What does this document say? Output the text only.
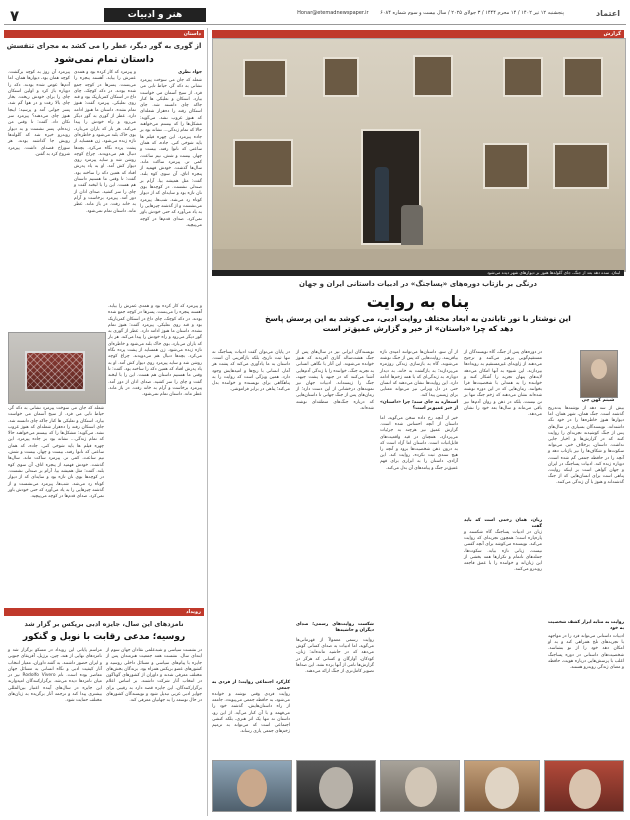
۷	هنر و ادبیات	پنجشنبه ۱۲ تیر ۱۴۰۲ / ۱۴ محرم ۱۴۴۴ / ۳ جولای ۲۰۲۵ / سال بیست و سوم شماره ۶۰۸۴ Honar@etemadnewspaper.ir	اعتماد
داستان
از گوری به گور دیگر، عطر را می کشد به مجرای تنفسش
داستان تمام نمی‌شود
جواد نظری
شعله که جان می سوخت پیرمرد نشانی به دکه گر، حیاط تابی می فرد. از سیخ آسمان می خواست بیارد. استکان و نعلبکی ها کنار جاکه چای دانسته شد. جای استکان رفته را ده‌هزار شعله‌ای که هنوز غروب نشد. می‌گوید: مشکل‌ها را که بیستم می‌خواهند حالا که تمام زندگی... نشانه بود بر جاده پیرمرد. این چهره فیلم ها باید شوخی کنی. جاده، که همان ساعتی که نانوا رفته، بیست و چهار، بیست و شش، نیم ساعت، کمی تر. پیرمرد ساکت ماند. سال‌ها گذشت. خودش فهمید از پنجره اتاق، آن سوی کوه بلند. گفت: مثل همیشه بیا. آرام بر صندلی نشست. در کوچه‌ها بوی نان تازه بود و سایه‌ای که از دیوار کوتاه رد می‌شد. شب‌ها، پیرمرد می‌نشست و از گذشته چیزهایی را به یاد می‌آورد که حتی خودش باور نمی‌کرد. صدای قدم‌ها در کوچه می‌پیچید.
و پیرمرد که کار کرده بود و همه‌ی عمرش را بیابد. آهسته پنجره را می‌بست. پسرها در کوچه جمع شده بودند. در دکه کوچک، چای داغ در استکان کمرباریک بود و قند روی نعلبکی. پیرمرد گفت: هنوز تمام نشده. داستان ما هنوز ادامه دارد. عطر از گوری به گور دیگر می‌رود و راه خودش را پیدا می‌کند. هر بار که باران می‌بارد، بوی خاک بلند می‌شود و خاطره‌ای تازه زنده می‌شود. زن همسایه از پشت پرده نگاه می‌کرد. بچه‌ها دنبال هم می‌دویدند. چراغ کوچه روشن شد و سایه پیرمرد روی دیوار کش آمد. او به یاد پدرش افتاد که همین دکه را ساخته بود. گفت: تا وقتی ما هستیم داستان هم هست. این را با لبخند گفت و چای را سر کشید. صدای اذان از دور آمد. پیرمرد برخاست و آرام به خانه رفت. در باز ماند. عطر ماند. داستان تمام نمی‌شود.
پیرمرد آن روز به کوچه برگشت. کوچه همان بود، دیوارها همان، اما آدم‌ها عوض شده بودند. دکه را دوباره باز کرد و اولین استکان چای را برای خودش ریخت. بخار چای بالا رفت و در هوا گم شد. پسر جوانی آمد و پرسید: اینجا هنوز چای می‌دهند؟ پیرمرد سر تکان داد. گفت: تا وقتی من زنده‌ام. پسر نشست و به دیوار روبه‌رو خیره شد که گلوله‌ها رویش جا گذاشته بودند. هر سوراخ قصه‌ای داشت. پیرمرد شروع کرد به گفتن.
و پیرمرد که کار کرده بود و همه‌ی عمرش را بیابد. آهسته پنجره را می‌بست. پسرها در کوچه جمع شده بودند. در دکه کوچک، چای داغ در استکان کمرباریک بود و قند روی نعلبکی. پیرمرد گفت: هنوز تمام نشده. داستان ما هنوز ادامه دارد. عطر از گوری به گور دیگر می‌رود و راه خودش را پیدا می‌کند. هر بار که باران می‌بارد، بوی خاک بلند می‌شود و خاطره‌ای تازه زنده می‌شود. زن همسایه از پشت پرده نگاه می‌کرد. بچه‌ها دنبال هم می‌دویدند. چراغ کوچه روشن شد و سایه پیرمرد روی دیوار کش آمد. او به یاد پدرش افتاد که همین دکه را ساخته بود. گفت: تا وقتی ما هستیم داستان هم هست. این را با لبخند گفت و چای را سر کشید. صدای اذان از دور آمد. پیرمرد برخاست و آرام به خانه رفت. در باز ماند. عطر ماند. داستان تمام نمی‌شود.
شعله که جان می سوخت پیرمرد نشانی به دکه گر، حیاط تابی می فرد. از سیخ آسمان می خواست بیارد. استکان و نعلبکی ها کنار جاکه چای دانسته شد. جای استکان رفته را ده‌هزار شعله‌ای که هنوز غروب نشد. می‌گوید: مشکل‌ها را که بیستم می‌خواهند حالا که تمام زندگی... نشانه بود بر جاده پیرمرد. این چهره فیلم ها باید شوخی کنی. جاده، که همان ساعتی که نانوا رفته، بیست و چهار، بیست و شش، نیم ساعت، کمی تر. پیرمرد ساکت ماند. سال‌ها گذشت. خودش فهمید از پنجره اتاق، آن سوی کوه بلند. گفت: مثل همیشه بیا. آرام بر صندلی نشست. در کوچه‌ها بوی نان تازه بود و سایه‌ای که از دیوار کوتاه رد می‌شد. شب‌ها، پیرمرد می‌نشست و از گذشته چیزهایی را به یاد می‌آورد که حتی خودش باور نمی‌کرد. صدای قدم‌ها در کوچه می‌پیچید.
رویداد
نامزدهای این سال، جایزه ادبی بریکس بر گزار شد
روسیه؛ مدعی رقابت با نوبل و گنکور
در نشست سیاسی و شبه‌علمی نقادان جهان سوم از ابتدای سال. نشست همه جمعیت هنرمندان پس از جایزه با پیام‌های سیاسی و مسائل داخلی روسیه و کشورهای عضو بریکس همراه بود. برندگان بخش‌های مختلف معرفی شدند و داوران از کشورهای گوناگون در انتخاب آثار شرکت داشتند. بر اساس اعلام برگزارکنندگان، این جایزه قصد دارد به رقیبی برای جوایز ادبی غربی تبدیل شود و نویسندگان کشورهای در حال توسعه را به جهانیان معرفی کند.
مراسم پایانی این رویداد در مسکو برگزار شد و نامزدهای نهایی از هند، چین، برزیل، آفریقای جنوبی و ایران حضور داشتند. به گفته داوران، معیار انتخاب آثار کیفیت ادبی و نگاه انسانی به مسائل جهان معاصر بوده است. نام Rodolfo Vivero نیز در میان نامزدها دیده می‌شد. برگزارکنندگان امیدوارند این جایزه در سال‌های آینده اعتبار بین‌المللی بیشتری پیدا کند و ترجمه آثار برگزیده به زبان‌های مختلف حمایت شود.
گزارش
لبنان. سده دهه بعد از جنگ، جای گلوله‌ها هنوز بر دیوارهای شهر دیده می‌شود
درنگی بر بازتاب دوره‌های «پساجنگ» در ادبیات داستانی ایران و جهان
پناه به روایت
این نوشتار با نور تاباندن به ابعاد مختلف روایت ادبی، می کوشد به این پرسش پاسخ دهد که چرا «داستان» از خبر و گزارش عمیق‌تر است
شبنم کهن چی
بیش از سه دهه از نوشته‌ها به‌تدریج گذشته است. جنگ همان، شهر همان. اما دیوارها هنوز خاطره‌ها را در خود نگه داشته‌اند. نویسندگان بسیاری در سال‌های پس از جنگ کوشیدند تجربه‌ای را روایت کنند که در گزارش‌ها و اخبار جایی نداشت. داستان، برخلاف خبر، می‌تواند سکوت‌ها و شکاف‌ها را نیز بازتاب دهد و آنچه را در حافظه جمعی گم شده است، دوباره زنده کند. ادبیات پساجنگ در ایران و جهان گواهی است بر اینکه روایت، پناهی است برای انسان‌هایی که از جنگ گذشته‌اند و هنوز با آن زندگی می‌کنند.
روایت به مثابه ابزار کشف شخصیت به خود
ادبیات داستانی می‌تواند فرد را در مواجهه با تجربه‌های تلخ همراهی کند و به او امکان دهد خود را از نو بشناسد. شخصیت‌های داستانی در دوره پساجنگ اغلب با پرسش‌هایی درباره هویت، حافظه و معنای زندگی روبه‌رو هستند.
در دوره‌های پس از جنگ، گاه نویسندگان از مستقیم‌گویی پرهیز می‌کنند و ترجیح می‌دهند از زاویه‌ای غیرمستقیم به رویدادها بپردازند. این شیوه به آنها امکان می‌دهد لایه‌های پنهان تجربه را آشکار کنند و خواننده را به همدلی با شخصیت‌ها فرا بخوانند. رمان‌هایی که در این دوره نوشته شده‌اند نشان می‌دهند که زخم جنگ تنها بر تن نیست، بلکه در ذهن و روان آدم‌ها نیز باقی می‌ماند و سال‌ها بعد خود را نشان می‌دهد.
زبان، همان زخمی است که باید گفت
زبان در ادبیات پساجنگ گاه شکسته و پاره‌پاره است؛ همچون تجربه‌ای که روایت می‌کند. نویسنده می‌کوشد برای آنچه گفتنی نیست، زبانی تازه بیابد. سکوت‌ها، جمله‌های ناتمام و تکرارها همه بخشی از این زبان‌اند و خواننده را با عمق فاجعه روبه‌رو می‌کنند.
از آن سو، داستان‌ها می‌توانند امیدی تازه بیافرینند. روایت‌هایی که پس از جنگ نوشته می‌شوند، گاه به بازسازی زندگی روزمره می‌پردازند؛ به بازگشت به خانه، به دیدار دوباره، به زندگی‌ای که با همه زخم‌ها ادامه دارد. این روایت‌ها نشان می‌دهند که انسان حتی در دل ویرانی نیز می‌تواند معنایی برای زیستن پیدا کند.
استعاره به جای سند؛ چرا «داستان» از خبر عمیق‌تر است؟
خبر از آنچه رخ داده سخن می‌گوید، اما داستان از آنچه احساس شده است. گزارش عمیق نیز هرچند به جزئیات می‌پردازد، همچنان در قید واقعیت‌های قابل‌اثبات است. داستان اما آزاد است که به درون ذهن شخصیت‌ها برود و آنچه را هیچ سندی ثبت نکرده، روایت کند. این آزادی، داستان را به ابزاری برای فهم عمیق‌تر جنگ و پیامدهای آن بدل می‌کند.
نویسندگان ایرانی نیز در سال‌های پس از جنگ هشت‌ساله آثاری آفریدند که هنوز خوانده می‌شوند. این آثار با نگاهی انسانی به تجربه جنگ، خواننده را با زندگی آدم‌هایی آشنا می‌کنند که در جبهه یا پشت جبهه، جنگ را زیسته‌اند. ادبیات جهان نیز نمونه‌های درخشانی از این دست دارد؛ از رمان‌های پس از جنگ جهانی تا داستان‌هایی که درباره جنگ‌های منطقه‌ای نوشته شده‌اند.
شکست روایت‌های رسمی؛ صدای دیگران و حاشیه‌ها
روایت رسمی معمولاً از قهرمانی‌ها می‌گوید، اما ادبیات به صدای کسانی گوش می‌دهد که در حاشیه مانده‌اند: زنان، کودکان، آوارگان و کسانی که هرگز در گزارش‌ها نامی از آنها برده نشد. این صداها تصویر کامل‌تری از جنگ ارائه می‌دهند.
در پایان می‌توان گفت ادبیات پساجنگ نه تنها ثبت تاریخ، بلکه بازآفرینی آن است. داستان به ما یادآوری می‌کند که پشت هر آمار، انسانی با رنج‌ها و امیدهایش وجود دارد. همین ویژگی است که روایت را به پناهگاهی برای نویسنده و خواننده بدل می‌کند؛ پناهی در برابر فراموشی.
کارکرد اجتماعی روایت؛ از فردی به جمعی
روایت فردی وقتی نوشته و خوانده می‌شود، به حافظه جمعی می‌پیوندد. جامعه از راه داستان‌هایش، گذشته خود را می‌فهمد و با آن کنار می‌آید. از این رو، داستان نه تنها یک اثر هنری، بلکه کنشی اجتماعی است که می‌تواند به ترمیم زخم‌های جمعی یاری رساند.
